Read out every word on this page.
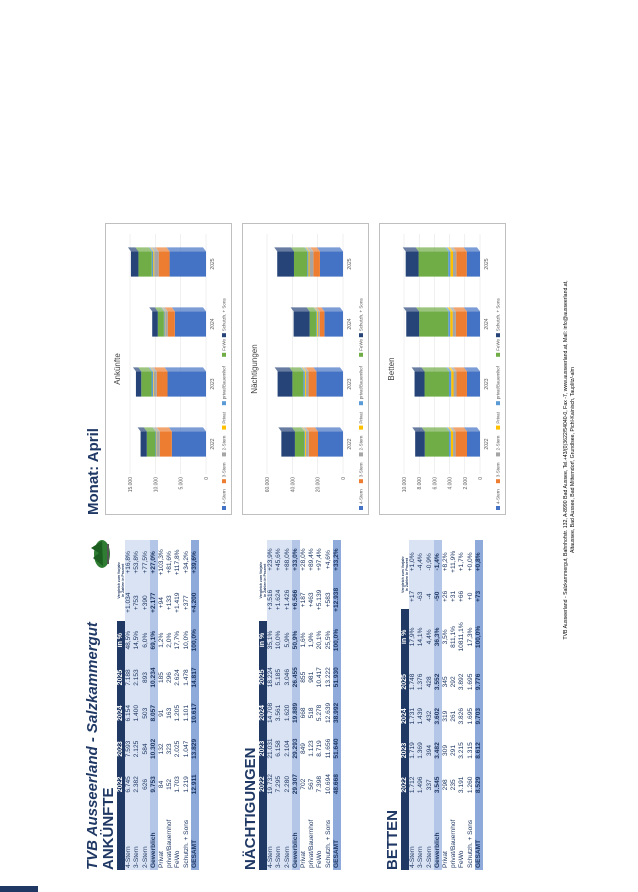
TVB Ausseerland - Salzkammergut ANKÜNFTE
	2022	2023	2024	2025	in %	Vergleich zum Vorjahr in Zahlen in Prozent	

4-Stern	6.745	7.593	6.154	7.188	48,5%	+1.034	+16,8%
3-Stern	2.382	2.125	1.400	2.153	14,5%	+753	+53,8%
2-Stern	626	584	503	893	6,0%	+390	+77,5%
Gewerblich	9.753	10.302	8.057	10.234	69,1%	+2.177	+27,0%
Privat	84	132	91	185	1,2%	+94	+103,3%
privat/Bauernhof	152	323	163	296	2,0%	+133	+81,6%
FeWo	1.703	2.025	1.205	2.624	17,7%	+1.419	+117,8%
Schutzh. + Sons	1.219	1.047	1.101	1.478	10,0%	+377	+34,2%
GESAMT	12.911	13.829	10.617	14.817	100,0%	+4.200	+39,6%
NÄCHTIGUNGEN
	2022	2023	2024	2025	in %	Vergleich zum Vorjahr in Zahlen in Prozent	

4-Stern	19.732	21.031	14.708	18.224	35,1%	+3.516	+23,9%
3-Stern	7.295	6.158	3.561	5.185	10,0%	+1.624	+45,6%
2-Stern	2.280	2.104	1.620	3.046	5,9%	+1.426	+88,0%
Gewerblich	29.307	29.293	19.889	26.455	50,9%	+6.566	+33,0%
Privat	702	849	668	855	1,6%	+187	+28,0%
privat/Bauernhof	567	1.123	518	981	1,9%	+463	+89,4%
FeWo	7.398	8.719	5.278	10.417	20,1%	+5.139	+97,4%
Schutzh. + Sons	10.694	11.656	12.639	13.222	25,5%	+583	+4,6%
GESAMT	48.668	51.640	38.992	51.930	100,0%	+12.938	+33,2%
BETTEN
	2022	2023	2024	2025	in %	Vergleich zum Vorjahr in Zahlen in Prozent	

4-Stern	1.712	1.719	1.731	1.748	17,9%	+17	+1,0%
3-Stern	1.496	1.369	1.439	1.376	14,1%	-63	-4,4%
2-Stern	337	394	432	428	4,4%	-4	-0,9%
Gewerblich	3.545	3.482	3.602	3.552	36,3%	-50	-1,4%
Privat	298	309	319	345	3,5%	+26	+8,2%
privat/Bauernhof	235	291	261	292	811,1%	+31	+11,9%
FeWo	3.191	3.215	3.826	3.892	10811,1%	+66	+1,7%
Schutzh. + Sons	1.260	1.315	1.695	1.695	17,3%	+0	+0,0%
GESAMT	8.529	8.612	9.703	9.776	100,0%	+73	+0,8%
Monat: April
Ankünfte
0
5.000
10.000
15.000
2022
2023
2024
2025
4-Stern
3-Stern
2-Stern
Privat
privat/Bauernhof
FeWo
Schutzh. + Sons
Nächtigungen
0
20.000
40.000
60.000
2022
2023
2024
2025
4-Stern
3-Stern
2-Stern
Privat
privat/Bauernhof
FeWo
Schutzh. + Sons
Betten
0
2.000
4.000
6.000
8.000
10.000
2022
2023
2024
2025
4-Stern
3-Stern
2-Stern
Privat
privat/Bauernhof
FeWo
Schutzh. + Sons	TVB Ausseerland - Salzkammergut, Bahnhofstr. 132, A-8990 Bad Aussee, Tel.+43/(0)3622/54040-0, Fax -7, www.ausseerland.at, Mail: info@ausseerland.at, Altaussee, Bad Aussee, Bad Mitterndorf, Grundlsee, Pichl-Kainisch, Tauplitz/-alm
